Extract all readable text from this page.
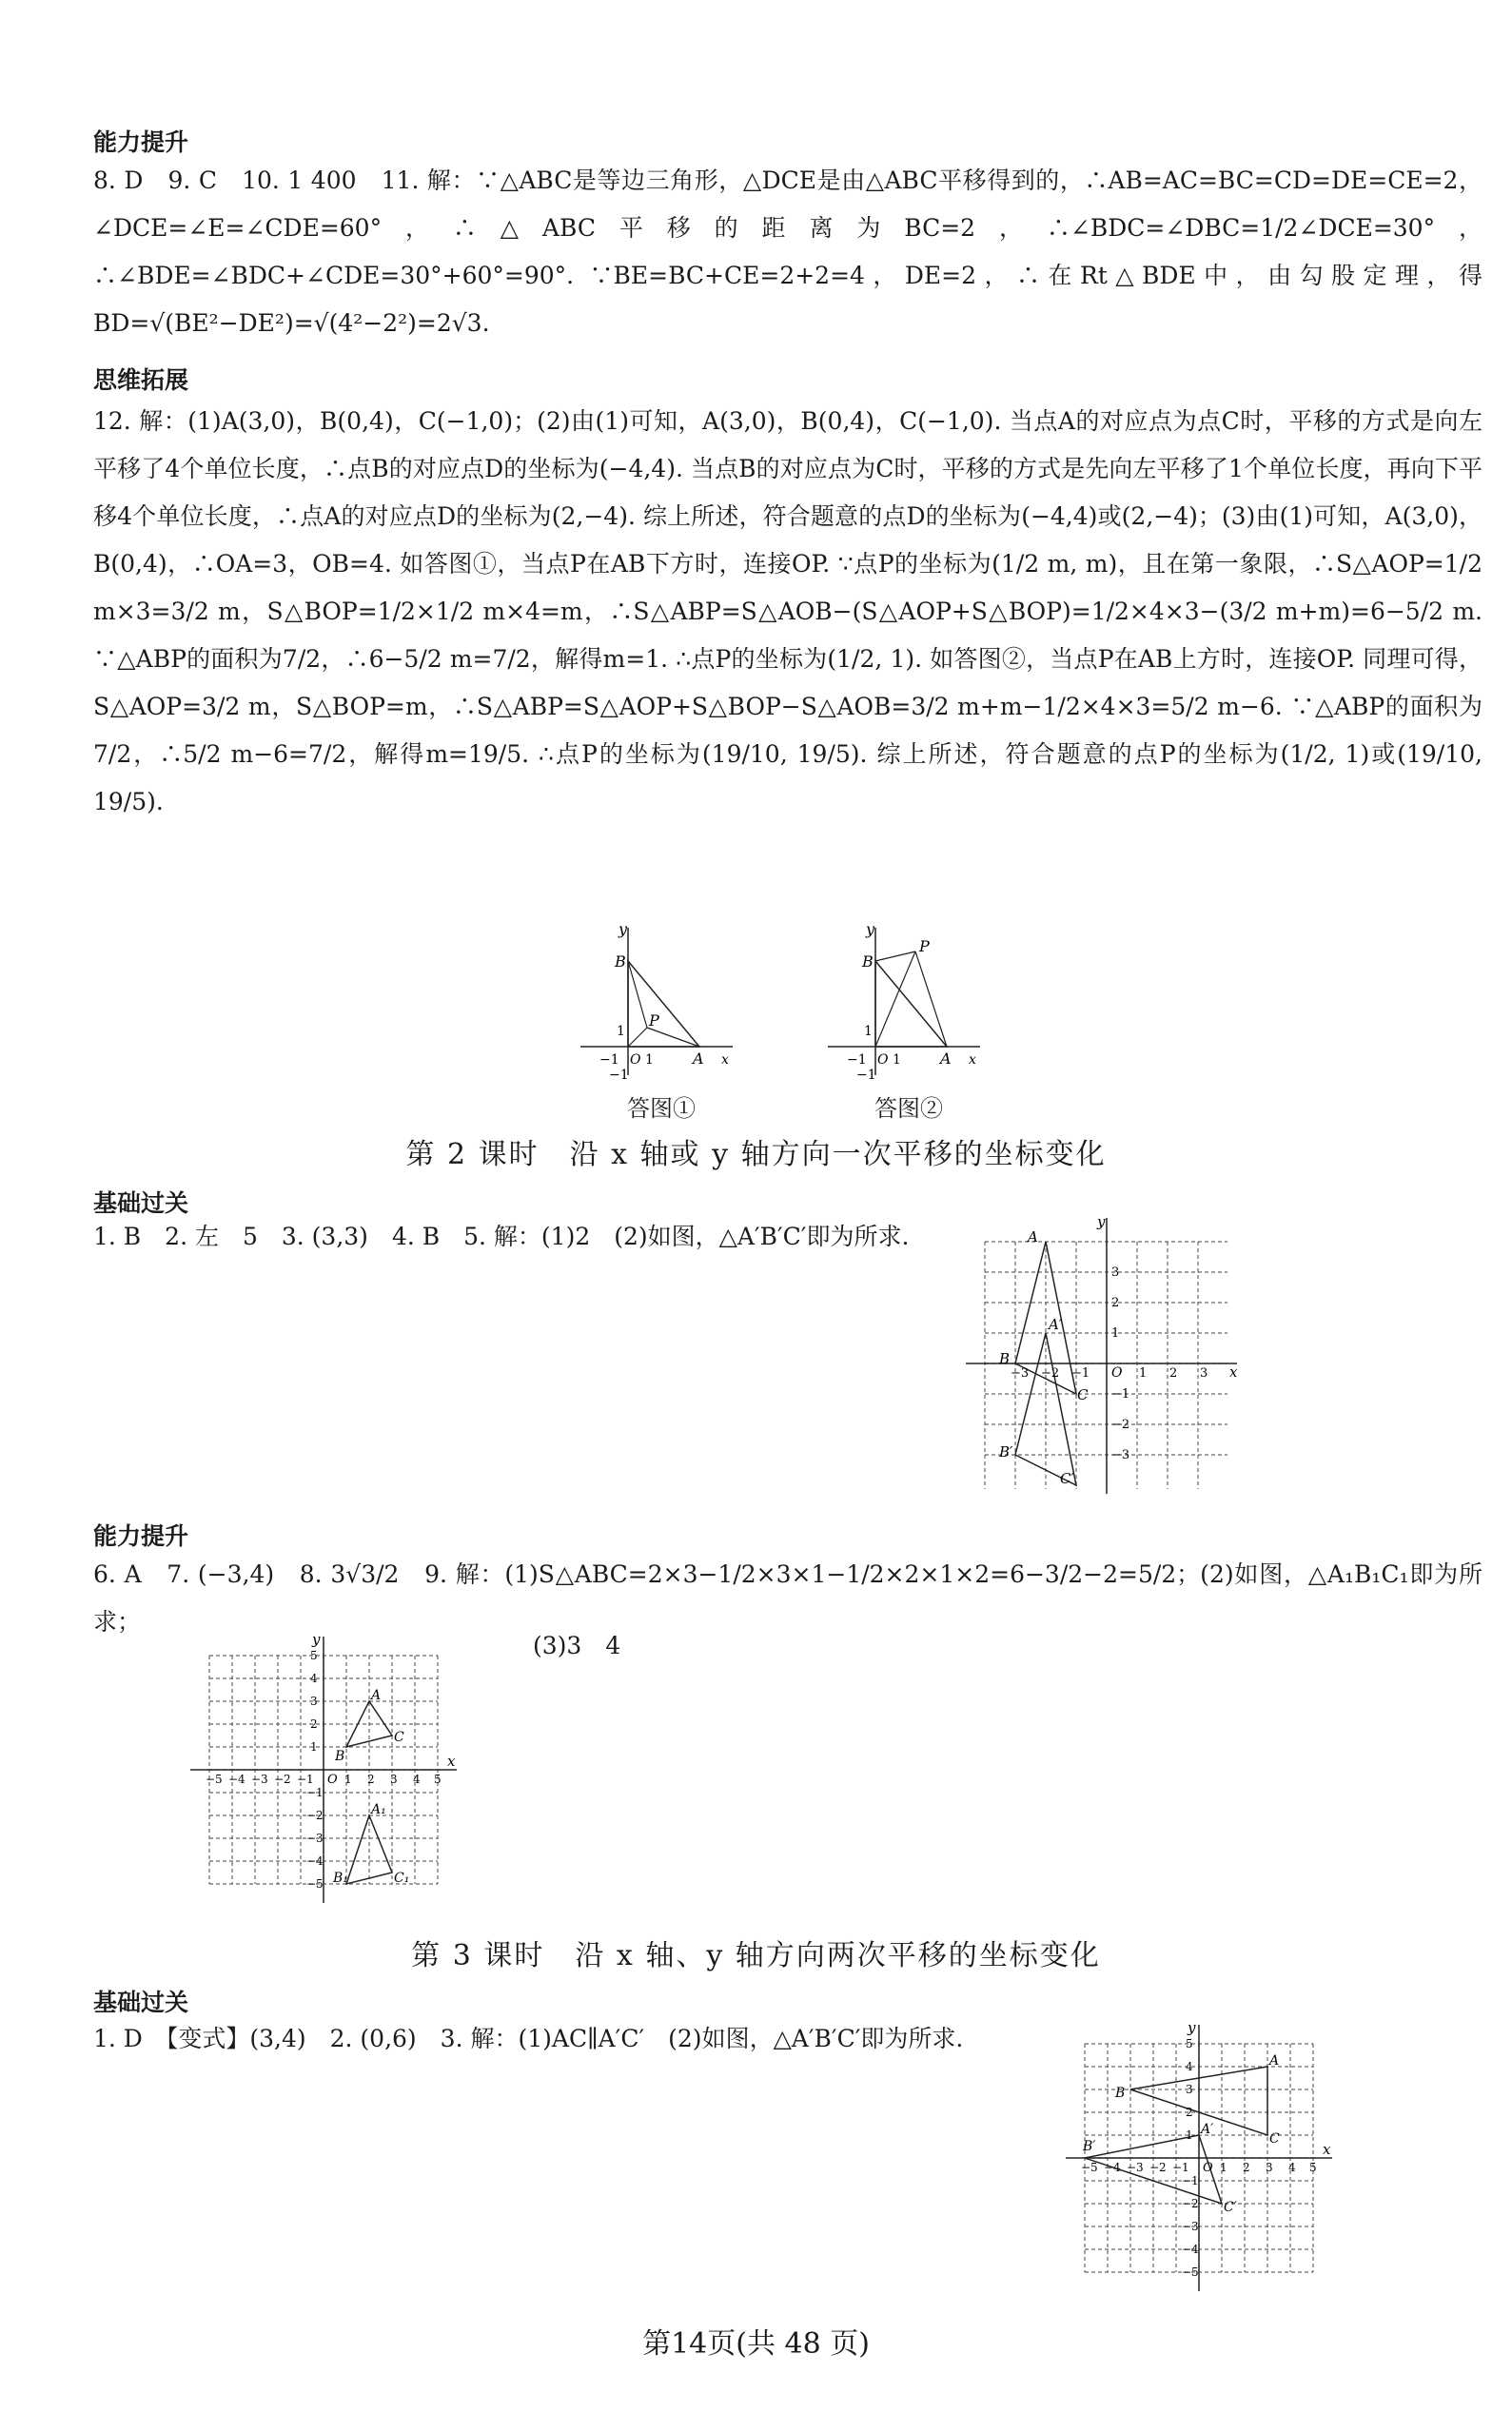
能力提升
8. D　9. C　10. 1 400　11. 解：∵△ABC是等边三角形，△DCE是由△ABC平移得到的，∴AB=AC=BC=CD=DE=CE=2，∠DCE=∠E=∠CDE=60°，∴△ABC平移的距离为BC=2，∴∠BDC=∠DBC=1/2∠DCE=30°，∴∠BDE=∠BDC+∠CDE=30°+60°=90°. ∵BE=BC+CE=2+2=4，DE=2，∴在Rt△BDE中，由勾股定理，得BD=√(BE²−DE²)=√(4²−2²)=2√3.
思维拓展
12. 解：(1)A(3,0)，B(0,4)，C(−1,0)；(2)由(1)可知，A(3,0)，B(0,4)，C(−1,0). 当点A的对应点为点C时，平移的方式是向左平移了4个单位长度，∴点B的对应点D的坐标为(−4,4). 当点B的对应点为C时，平移的方式是先向左平移了1个单位长度，再向下平移4个单位长度，∴点A的对应点D的坐标为(2,−4). 综上所述，符合题意的点D的坐标为(−4,4)或(2,−4)；(3)由(1)可知，A(3,0)，B(0,4)，∴OA=3，OB=4. 如答图①，当点P在AB下方时，连接OP. ∵点P的坐标为(1/2 m, m)，且在第一象限，∴S△AOP=1/2 m×3=3/2 m，S△BOP=1/2×1/2 m×4=m，∴S△ABP=S△AOB−(S△AOP+S△BOP)=1/2×4×3−(3/2 m+m)=6−5/2 m. ∵△ABP的面积为7/2，∴6−5/2 m=7/2，解得m=1. ∴点P的坐标为(1/2, 1). 如答图②，当点P在AB上方时，连接OP. 同理可得，S△AOP=3/2 m，S△BOP=m，∴S△ABP=S△AOP+S△BOP−S△AOB=3/2 m+m−1/2×4×3=5/2 m−6. ∵△ABP的面积为7/2，∴5/2 m−6=7/2，解得m=19/5. ∴点P的坐标为(19/10, 19/5). 综上所述，符合题意的点P的坐标为(1/2, 1)或(19/10, 19/5).
y
B
P
1
−1 O 1	A x
−1
答图①
y
B
P
1
−1 O 1	A x
−1
答图②
第 2 课时　沿 x 轴或 y 轴方向一次平移的坐标变化
基础过关
1. B　2. 左　5　3. (3,3)　4. B　5. 解：(1)2　(2)如图，△A′B′C′即为所求.
y
x
A
B
A′
B′
C′
C
O 1 2 3
−3 −2 −1
1
2
3
−1
−2
−3
能力提升
6. A　7. (−3,4)　8. 3√3/2　9. 解：(1)S△ABC=2×3−1/2×3×1−1/2×2×1×2=6−3/2−2=5/2；(2)如图，△A₁B₁C₁即为所求；
(3)3　4
y
x
A
B
C
A₁
B₁	C₁
O
−5 −4 −3 −2 −1	1 2 3 4 5
1
2
3
4
5
−1
−2
−3
−4
−5
第 3 课时　沿 x 轴、y 轴方向两次平移的坐标变化
基础过关
1. D　【变式】(3,4)　2. (0,6)　3. 解：(1)AC∥A′C′　(2)如图，△A′B′C′即为所求.	y
x
A
B
C
A′
B′
C′
O
−5 −4 −3 −2 −1	1 2 3 4 5
1
2
3
4
5
−1
−2
−3
−4
−5
第14页(共 48 页)
